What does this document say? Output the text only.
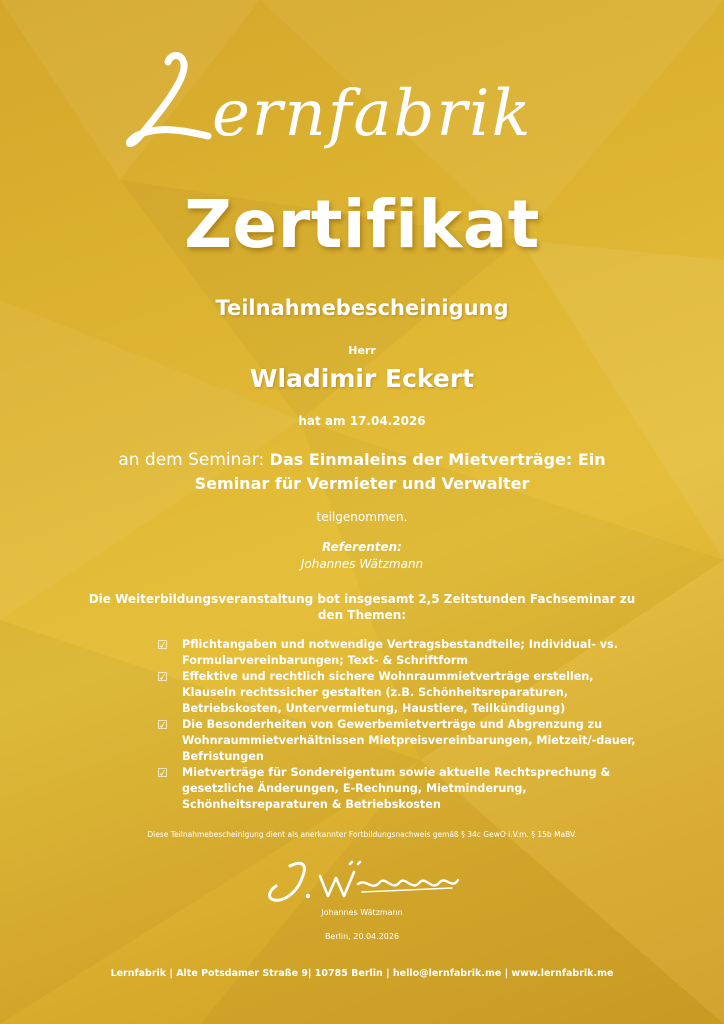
ernfabrik
Zertifikat
Teilnahmebescheinigung
Herr
Wladimir Eckert
hat am 17.04.2026
an dem Seminar: Das Einmaleins der Mietverträge: Ein Seminar für Vermieter und Verwalter
teilgenommen.
Referenten:
Johannes Wätzmann
Die Weiterbildungsveranstaltung bot insgesamt 2,5 Zeitstunden Fachseminar zu den Themen:
☑ Pflichtangaben und notwendige Vertragsbestandteile; Individual- vs. Formularvereinbarungen; Text- & Schriftform
☑ Effektive und rechtlich sichere Wohnraummietverträge erstellen, Klauseln rechtssicher gestalten (z.B. Schönheitsreparaturen, Betriebskosten, Untervermietung, Haustiere, Teilkündigung)
☑ Die Besonderheiten von Gewerbemietverträge und Abgrenzung zu Wohnraummietverhältnissen Mietpreisvereinbarungen, Mietzeit/-dauer, Befristungen
☑ Mietverträge für Sondereigentum sowie aktuelle Rechtsprechung & gesetzliche Änderungen, E-Rechnung, Mietminderung, Schönheitsreparaturen & Betriebskosten
Diese Teilnahmebescheinigung dient als anerkannter Fortbildungsnachweis gemäß § 34c GewO i.V.m. § 15b MaBV.
Johannes Wätzmann
Berlin, 20.04.2026
Lernfabrik | Alte Potsdamer Straße 9| 10785 Berlin | hello@lernfabrik.me | www.lernfabrik.me
